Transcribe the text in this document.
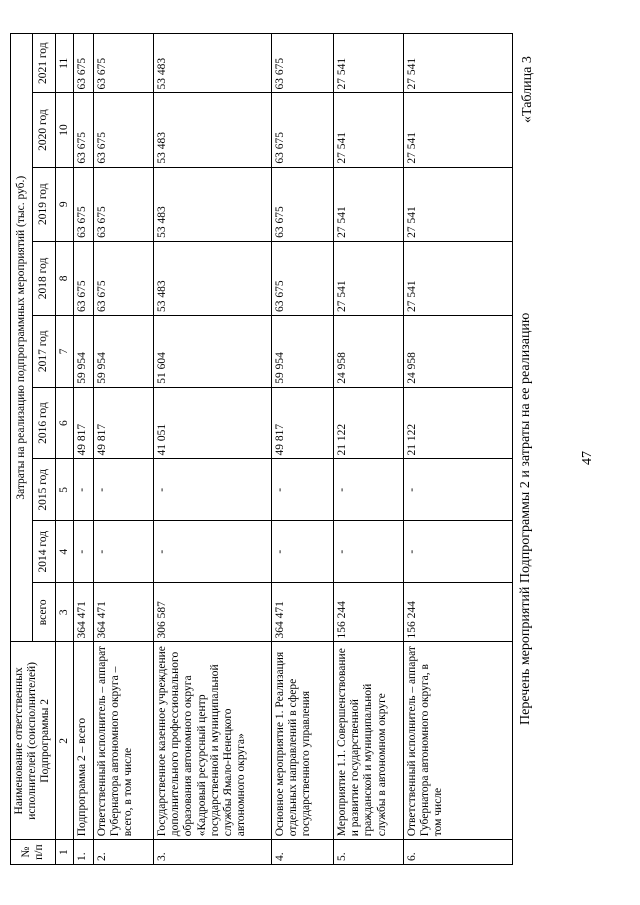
47
Перечень мероприятий Подпрограммы 2 и затраты на ее реализацию
«Таблица 3
№ п/п	Наименование ответственных исполнителей (соисполнителей) Подпрограммы 2	Затраты на реализацию подпрограммных мероприятий (тыс. руб.)								
		всего	2014 год	2015 год	2016 год	2017 год	2018 год	2019 год	2020 год	2021 год
1	2	3	4	5	6	7	8	9	10	11
1.	Подпрограмма 2 – всего	364 471	-	-	49 817	59 954	63 675	63 675	63 675	63 675
2.	Ответственный исполнитель – аппарат Губернатора автономного округа – всего, в том числе	364 471	-	-	49 817	59 954	63 675	63 675	63 675	63 675
3.	Государственное казенное учреждение дополнительного профессионального образования автономного округа «Кадровый ресурсный центр государственной и муниципальной службы Ямало-Ненецкого автономного округа»	306 587	-	-	41 051	51 604	53 483	53 483	53 483	53 483
4.	Основное мероприятие 1. Реализация отдельных направлений в сфере государственного управления	364 471	-	-	49 817	59 954	63 675	63 675	63 675	63 675
5.	Мероприятие 1.1. Совершенствование и развитие государственной гражданской и муниципальной службы в автономном округе	156 244	-	-	21 122	24 958	27 541	27 541	27 541	27 541
6.	Ответственный исполнитель – аппарат Губернатора автономного округа, в том числе	156 244	-	-	21 122	24 958	27 541	27 541	27 541	27 541
